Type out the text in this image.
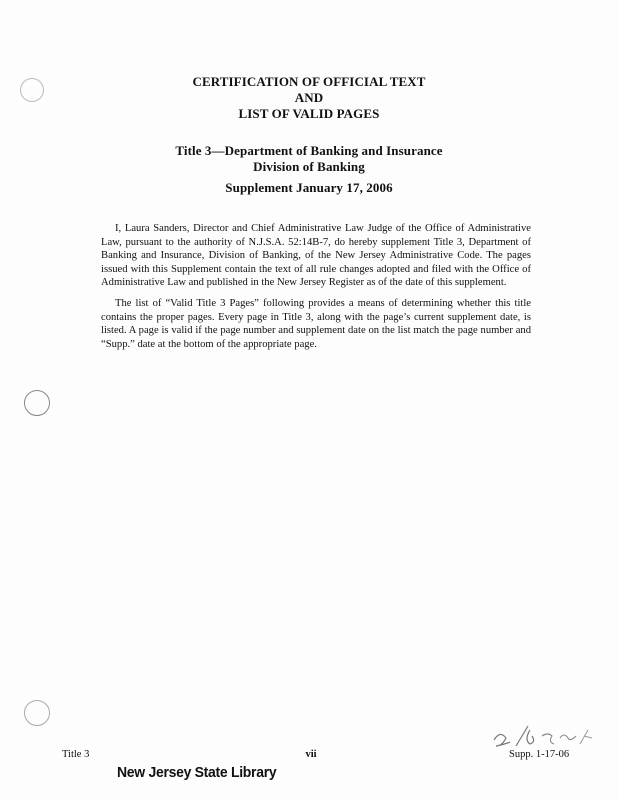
CERTIFICATION OF OFFICIAL TEXT
AND
LIST OF VALID PAGES
Title 3—Department of Banking and Insurance
Division of Banking
Supplement January 17, 2006

I, Laura Sanders, Director and Chief Administrative Law Judge of the Office of Administrative Law, pursuant to the authority of N.J.S.A. 52:14B-7, do hereby supplement Title 3, Department of Banking and Insurance, Division of Banking, of the New Jersey Administrative Code. The pages issued with this Supplement contain the text of all rule changes adopted and filed with the Office of Administrative Law and published in the New Jersey Register as of the date of this supplement.

The list of “Valid Title 3 Pages” following provides a means of determining whether this title contains the proper pages. Every page in Title 3, along with the page’s current supplement date, is listed. A page is valid if the page number and supplement date on the list match the page number and “Supp.” date at the bottom of the appropriate page.

Title 3	vii	Supp. 1-17-06
New Jersey State Library
